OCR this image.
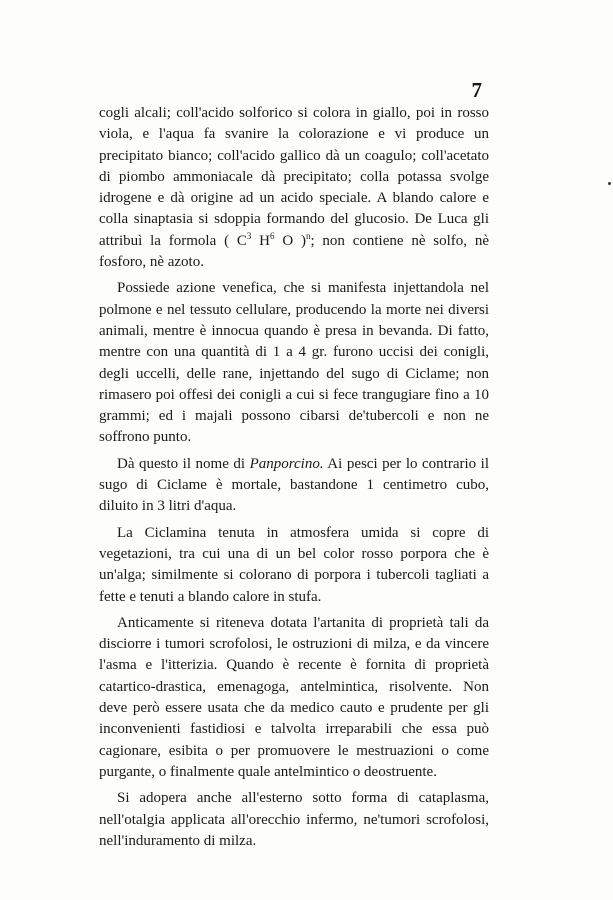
7

cogli alcali; coll'acido solforico si colora in giallo, poi in rosso viola, e l'aqua fa svanire la colorazione e vi produce un precipitato bianco; coll'acido gallico dà un coagulo; coll'acetato di piombo ammoniacale dà precipitato; colla potassa svolge idrogene e dà origine ad un acido speciale. A blando calore e colla sinaptasia si sdoppia formando del glucosio. De Luca gli attribuì la formola ( $C^3$ $H^6$ O )$^n$; non contiene nè solfo, nè fosforo, nè azoto.

Possiede azione venefica, che si manifesta injettandola nel polmone e nel tessuto cellulare, producendo la morte nei diversi animali, mentre è innocua quando è presa in bevanda. Di fatto, mentre con una quantità di 1 a 4 gr. furono uccisi dei conigli, degli uccelli, delle rane, injettando del sugo di Ciclame; non rimasero poi offesi dei conigli a cui si fece trangugiare fino a 10 grammi; ed i majali possono cibarsi de'tubercoli e non ne soffrono punto.

Dà questo il nome di Panporcino. Ai pesci per lo contrario il sugo di Ciclame è mortale, bastandone 1 centimetro cubo, diluito in 3 litri d'aqua.

La Ciclamina tenuta in atmosfera umida si copre di vegetazioni, tra cui una di un bel color rosso porpora che è un'alga; similmente si colorano di porpora i tubercoli tagliati a fette e tenuti a blando calore in stufa.

Anticamente si riteneva dotata l'artanita di proprietà tali da disciorre i tumori scrofolosi, le ostruzioni di milza, e da vincere l'asma e l'itterizia. Quando è recente è fornita di proprietà catartico-drastica, emenagoga, antelmintica, risolvente. Non deve però essere usata che da medico cauto e prudente per gli inconvenienti fastidiosi e talvolta irreparabili che essa può cagionare, esibita o per promuovere le mestruazioni o come purgante, o finalmente quale antelmintico o deostruente.

Si adopera anche all'esterno sotto forma di cataplasma, nell'otalgia applicata all'orecchio infermo, ne'tumori scrofolosi, nell'induramento di milza.
